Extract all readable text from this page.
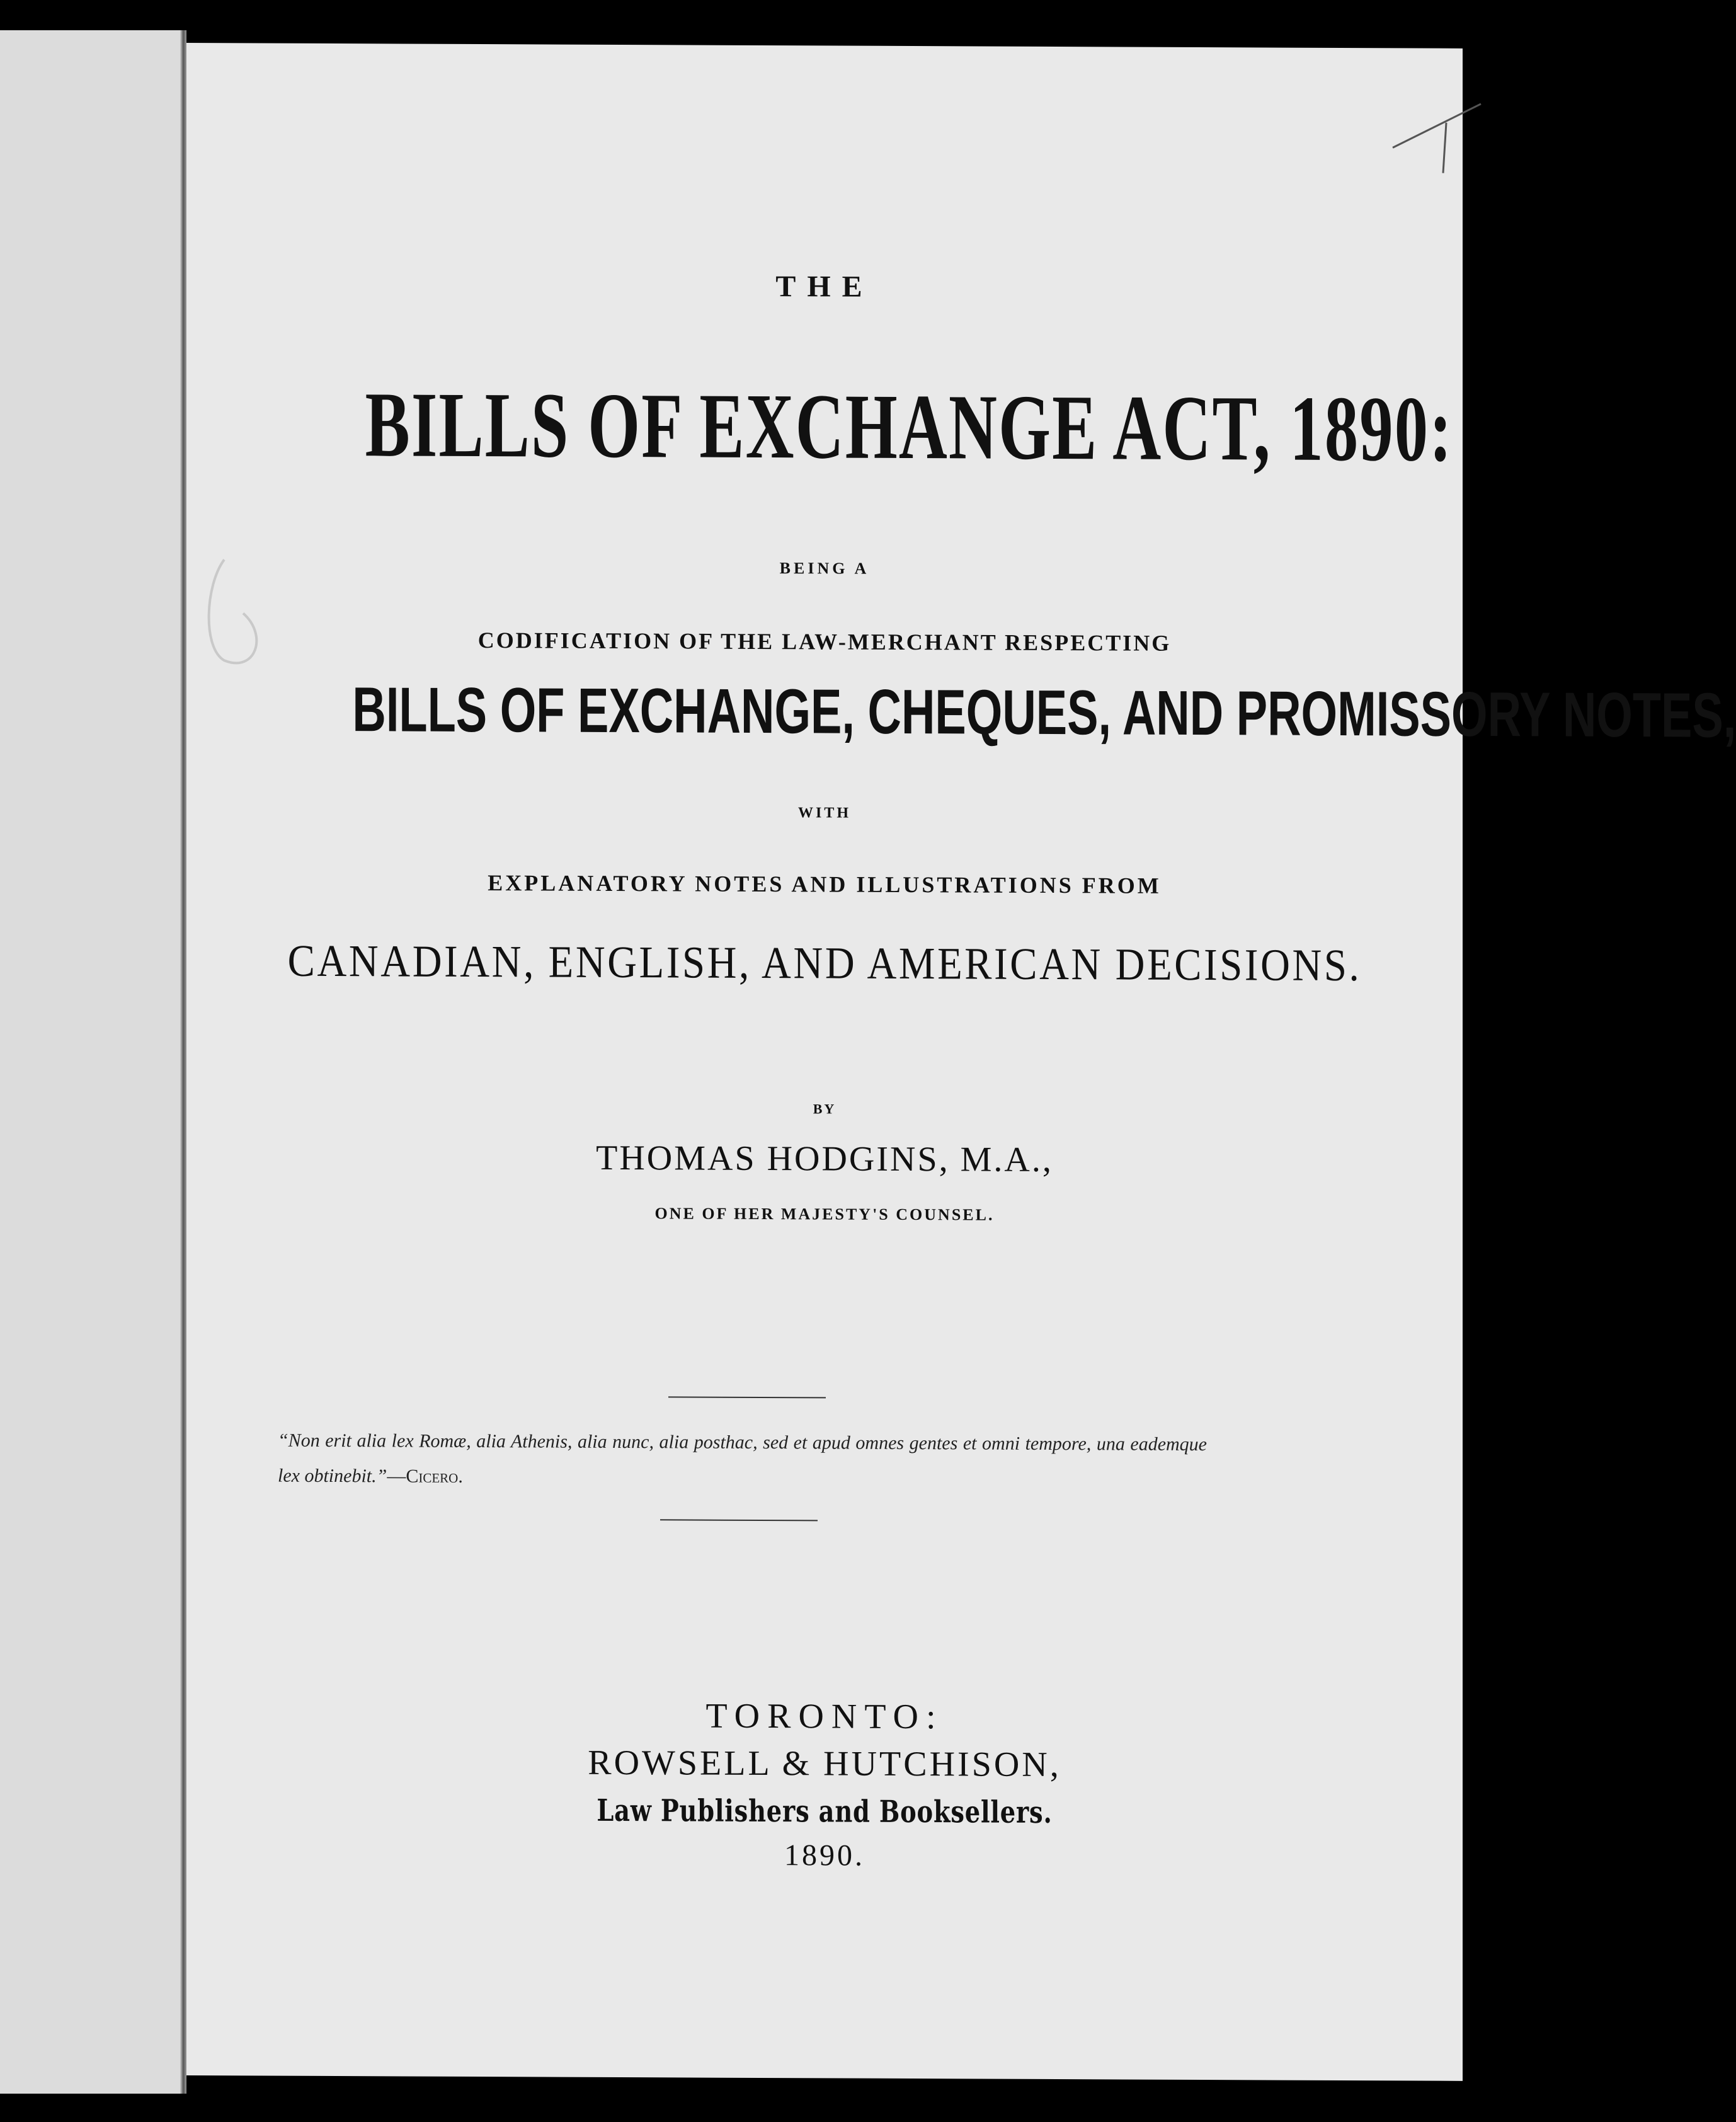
THE
BILLS OF EXCHANGE ACT, 1890:
BEING A
CODIFICATION OF THE LAW-MERCHANT RESPECTING
BILLS OF EXCHANGE, CHEQUES, AND PROMISSORY NOTES,
WITH
EXPLANATORY NOTES AND ILLUSTRATIONS FROM
CANADIAN, ENGLISH, AND AMERICAN DECISIONS.
BY
THOMAS HODGINS, M.A.,
ONE OF HER MAJESTY'S COUNSEL.
“Non erit alia lex Romæ, alia Athenis, alia nunc, alia posthac, sed et apud omnes gentes et omni tempore, una eademque lex obtinebit.”—Cicero.
TORONTO:
ROWSELL & HUTCHISON,
Law Publishers and Booksellers.
1890.
